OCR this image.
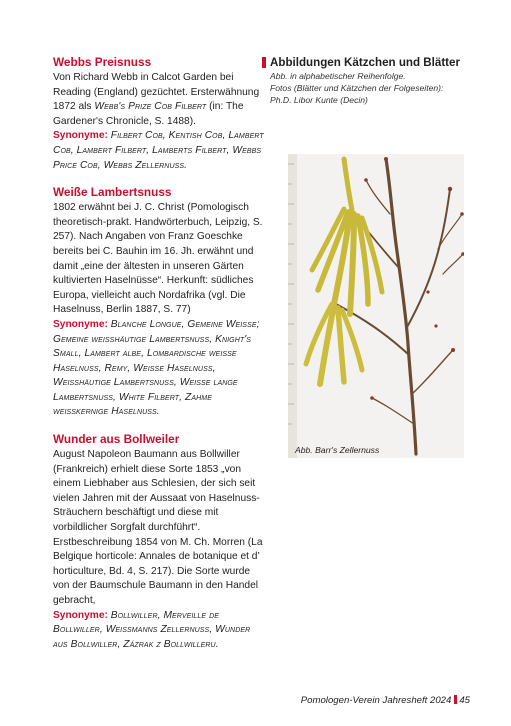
Webbs Preisnuss

Von Richard Webb in Calcot Garden bei Reading (England) gezüchtet. Ersterwähnung 1872 als Webb's Prize Cob Filbert (in: The Gardener's Chronicle, S. 1488).

Synonyme: Filbert Cob, Kentish Cob, Lambert Cob, Lambert Filbert, Lamberts Filbert, Webbs Price Cob, Webbs Zellernuss.

Weiße Lambertsnuss

1802 erwähnt bei J. C. Christ (Pomologisch theoretisch-prakt. Handwörterbuch, Leipzig, S. 257). Nach Angaben von Franz Goeschke bereits bei C. Bauhin im 16. Jh. erwähnt und damit „eine der ältesten in unseren Gärten kultivierten Haselnüsse“. Herkunft: südliches Europa, vielleicht auch Nordafrika (vgl. Die Haselnuss, Berlin 1887, S. 77)

Synonyme: Blanche Longue, Gemeine Weisse; Gemeine weisshäutige Lambertsnuss, Knight's Small, Lambert albe, Lombardische weisse Haselnuss, Remy, Weisse Haselnuss, Weisshäutige Lambertsnuss, Weisse lange Lambertsnuss, White Filbert, Zahme weisskernige Haselnuss.

Wunder aus Bollweiler

August Napoleon Baumann aus Bollwiller (Frankreich) erhielt diese Sorte 1853 „von einem Liebhaber aus Schlesien, der sich seit vielen Jahren mit der Aussaat von Haselnuss-Sträuchern beschäftigt und diese mit vorbildlicher Sorgfalt durchführt“. Erstbeschreibung 1854 von M. Ch. Morren (La Belgique horticole: Annales de botanique et d’ horticulture, Bd. 4, S. 217). Die Sorte wurde von der Baumschule Baumann in den Handel gebracht,

Synonyme: Bollwiller, Merveille de Bollwiller, Weissmanns Zellernuss, Wunder aus Bollwiller, Zázrak z Bollwilleru.

Abbildungen Kätzchen und Blätter

Abb. in alphabetischer Reihenfolge.

Fotos (Blätter und Kätzchen der Folgeseiten):

Ph.D. Libor Kunte (Decin)

Abb. Barr's Zellernuss
Pomologen-Verein Jahresheft 2024 45
